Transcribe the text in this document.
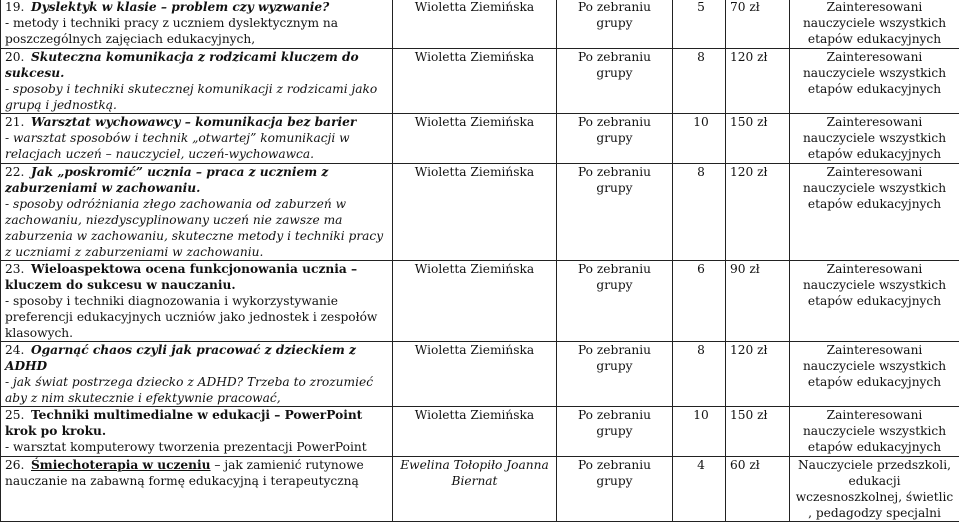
19. Dyslektyk w klasie – problem czy wyzwanie?
- metody i techniki pracy z uczniem dyslektycznym na poszczególnych zajęciach edukacyjnych,	Wioletta Ziemińska	Po zebraniu grupy	5	70 zł	Zainteresowani nauczyciele wszystkich etapów edukacyjnych
20. Skuteczna komunikacja z rodzicami kluczem do sukcesu.
- sposoby i techniki skutecznej komunikacji z rodzicami jako grupą i jednostką.	Wioletta Ziemińska	Po zebraniu grupy	8	120 zł	Zainteresowani nauczyciele wszystkich etapów edukacyjnych
21. Warsztat wychowawcy – komunikacja bez barier
- warsztat sposobów i technik „otwartej” komunikacji w relacjach uczeń – nauczyciel, uczeń-wychowawca.	Wioletta Ziemińska	Po zebraniu grupy	10	150 zł	Zainteresowani nauczyciele wszystkich etapów edukacyjnych
22. Jak „poskromić” ucznia – praca z uczniem z zaburzeniami w zachowaniu.
- sposoby odróżniania złego zachowania od zaburzeń w zachowaniu, niezdyscyplinowany uczeń nie zawsze ma zaburzenia w zachowaniu, skuteczne metody i techniki pracy z uczniami z zaburzeniami w zachowaniu.	Wioletta Ziemińska	Po zebraniu grupy	8	120 zł	Zainteresowani nauczyciele wszystkich etapów edukacyjnych
23. Wieloaspektowa ocena funkcjonowania ucznia – kluczem do sukcesu w nauczaniu.
- sposoby i techniki diagnozowania i wykorzystywanie preferencji edukacyjnych uczniów jako jednostek i zespołów klasowych.	Wioletta Ziemińska	Po zebraniu grupy	6	90 zł	Zainteresowani nauczyciele wszystkich etapów edukacyjnych
24. Ogarnąć chaos czyli jak pracować z dzieckiem z ADHD
- jak świat postrzega dziecko z ADHD? Trzeba to zrozumieć aby z nim skutecznie i efektywnie pracować,	Wioletta Ziemińska	Po zebraniu grupy	8	120 zł	Zainteresowani nauczyciele wszystkich etapów edukacyjnych
25. Techniki multimedialne w edukacji – PowerPoint krok po kroku.
- warsztat komputerowy tworzenia prezentacji PowerPoint	Wioletta Ziemińska	Po zebraniu grupy	10	150 zł	Zainteresowani nauczyciele wszystkich etapów edukacyjnych
26. Śmiechoterapia w uczeniu – jak zamienić rutynowe nauczanie na zabawną formę edukacyjną i terapeutyczną	Ewelina Tołopiło Joanna Biernat	Po zebraniu grupy	4	60 zł	Nauczyciele przedszkoli, edukacji wczesnoszkolnej, świetlic , pedagodzy specjalni
